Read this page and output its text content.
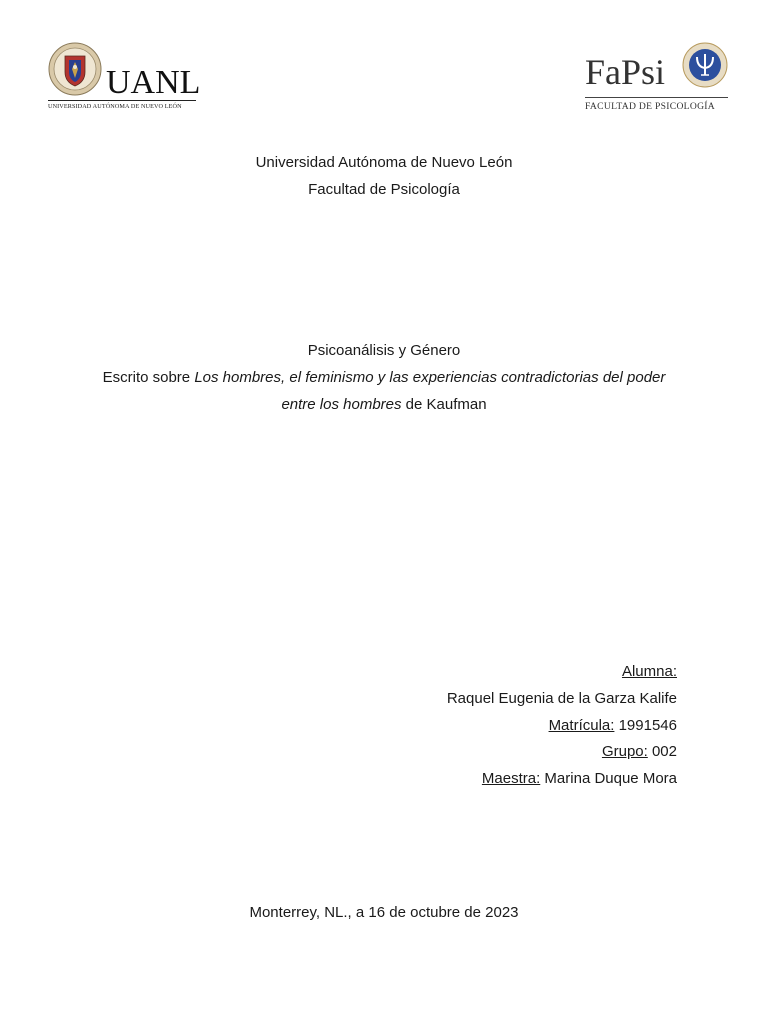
UANL
UNIVERSIDAD AUTÓNOMA DE NUEVO LEÓN
FaPsi
FACULTAD DE PSICOLOGÍA
Universidad Autónoma de Nuevo León
Facultad de Psicología
Psicoanálisis y Género
Escrito sobre Los hombres, el feminismo y las experiencias contradictorias del poder
entre los hombres de Kaufman
Alumna:
Raquel Eugenia de la Garza Kalife
Matrícula: 1991546
Grupo: 002
Maestra: Marina Duque Mora
Monterrey, NL., a 16 de octubre de 2023
